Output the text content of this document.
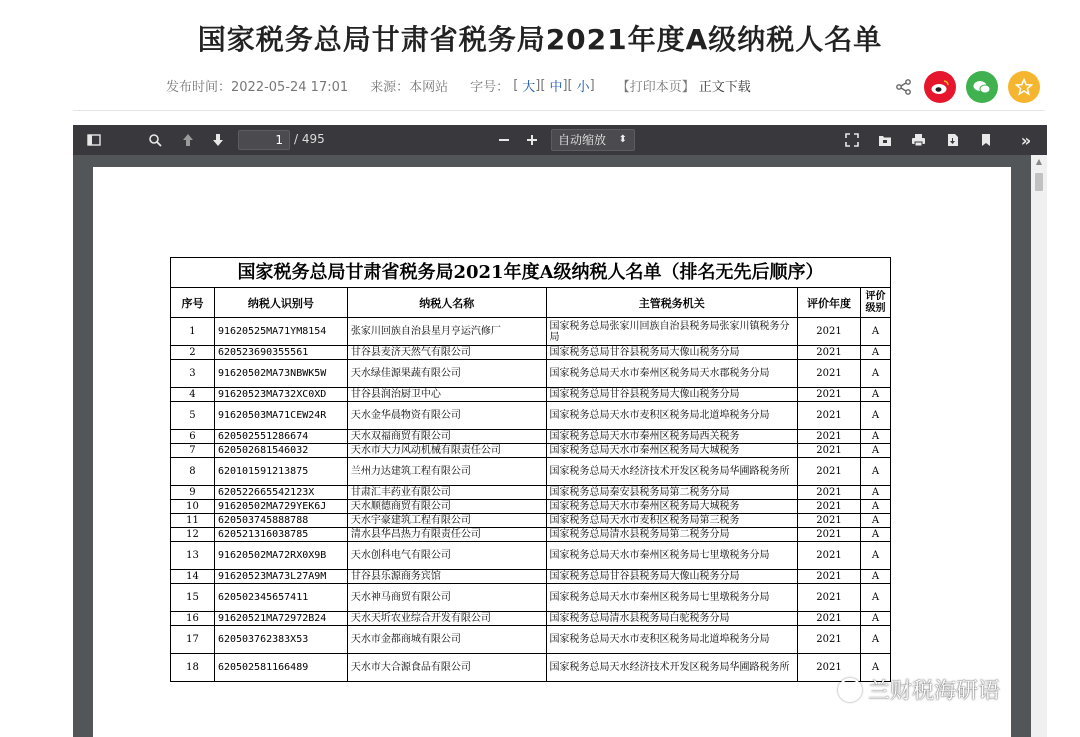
国家税务总局甘肃省税务局2021年度A级纳税人名单
发布时间：2022-05-24 17:01 来源：本网站 字号： [ 大 ][ 中 ][ 小 ] 【打印本页】 正文下载
1 / 495	自动缩放 ⬍	»
国家税务总局甘肃省税务局2021年度A级纳税人名单（排名无先后顺序）					
序号	纳税人识别号	纳税人名称	主管税务机关	评价年度	评价级别
1	91620525MA71YM8154	张家川回族自治县星月亨运汽修厂	国家税务总局张家川回族自治县税务局张家川镇税务分局	2021	A
2	620523690355561	甘谷县麦济天然气有限公司	国家税务总局甘谷县税务局大像山税务分局	2021	A
3	91620502MA73NBWK5W	天水绿佳源果蔬有限公司	国家税务总局天水市秦州区税务局天水郡税务分局	2021	A
4	91620523MA732XC0XD	甘谷县润治厨卫中心	国家税务总局甘谷县税务局大像山税务分局	2021	A
5	91620503MA71CEW24R	天水金华晨物资有限公司	国家税务总局天水市麦积区税务局北道埠税务分局	2021	A
6	620502551286674	天水双福商贸有限公司	国家税务总局天水市秦州区税务局西关税务	2021	A
7	620502681546032	天水市大力风动机械有限责任公司	国家税务总局天水市秦州区税务局大城税务	2021	A
8	620101591213875	兰州力达建筑工程有限公司	国家税务总局天水经济技术开发区税务局华圃路税务所	2021	A
9	620522665542123X	甘肃汇丰药业有限公司	国家税务总局秦安县税务局第二税务分局	2021	A
10	91620502MA729YEK6J	天水顺德商贸有限公司	国家税务总局天水市秦州区税务局大城税务	2021	A
11	620503745888788	天水宇豪建筑工程有限公司	国家税务总局天水市麦积区税务局第三税务	2021	A
12	620521316038785	清水县华昌热力有限责任公司	国家税务总局清水县税务局第二税务分局	2021	A
13	91620502MA72RX0X9B	天水创科电气有限公司	国家税务总局天水市秦州区税务局七里墩税务分局	2021	A
14	91620523MA73L27A9M	甘谷县乐源商务宾馆	国家税务总局甘谷县税务局大像山税务分局	2021	A
15	620502345657411	天水神马商贸有限公司	国家税务总局天水市秦州区税务局七里墩税务分局	2021	A
16	91620521MA72972B24	天水天圻农业综合开发有限公司	国家税务总局清水县税务局白驼税务分局	2021	A
17	620503762383X53	天水市金都商城有限公司	国家税务总局天水市麦积区税务局北道埠税务分局	2021	A
18	620502581166489	天水市大合源食品有限公司	国家税务总局天水经济技术开发区税务局华圃路税务所	2021	A
▲
兰财税海研语
